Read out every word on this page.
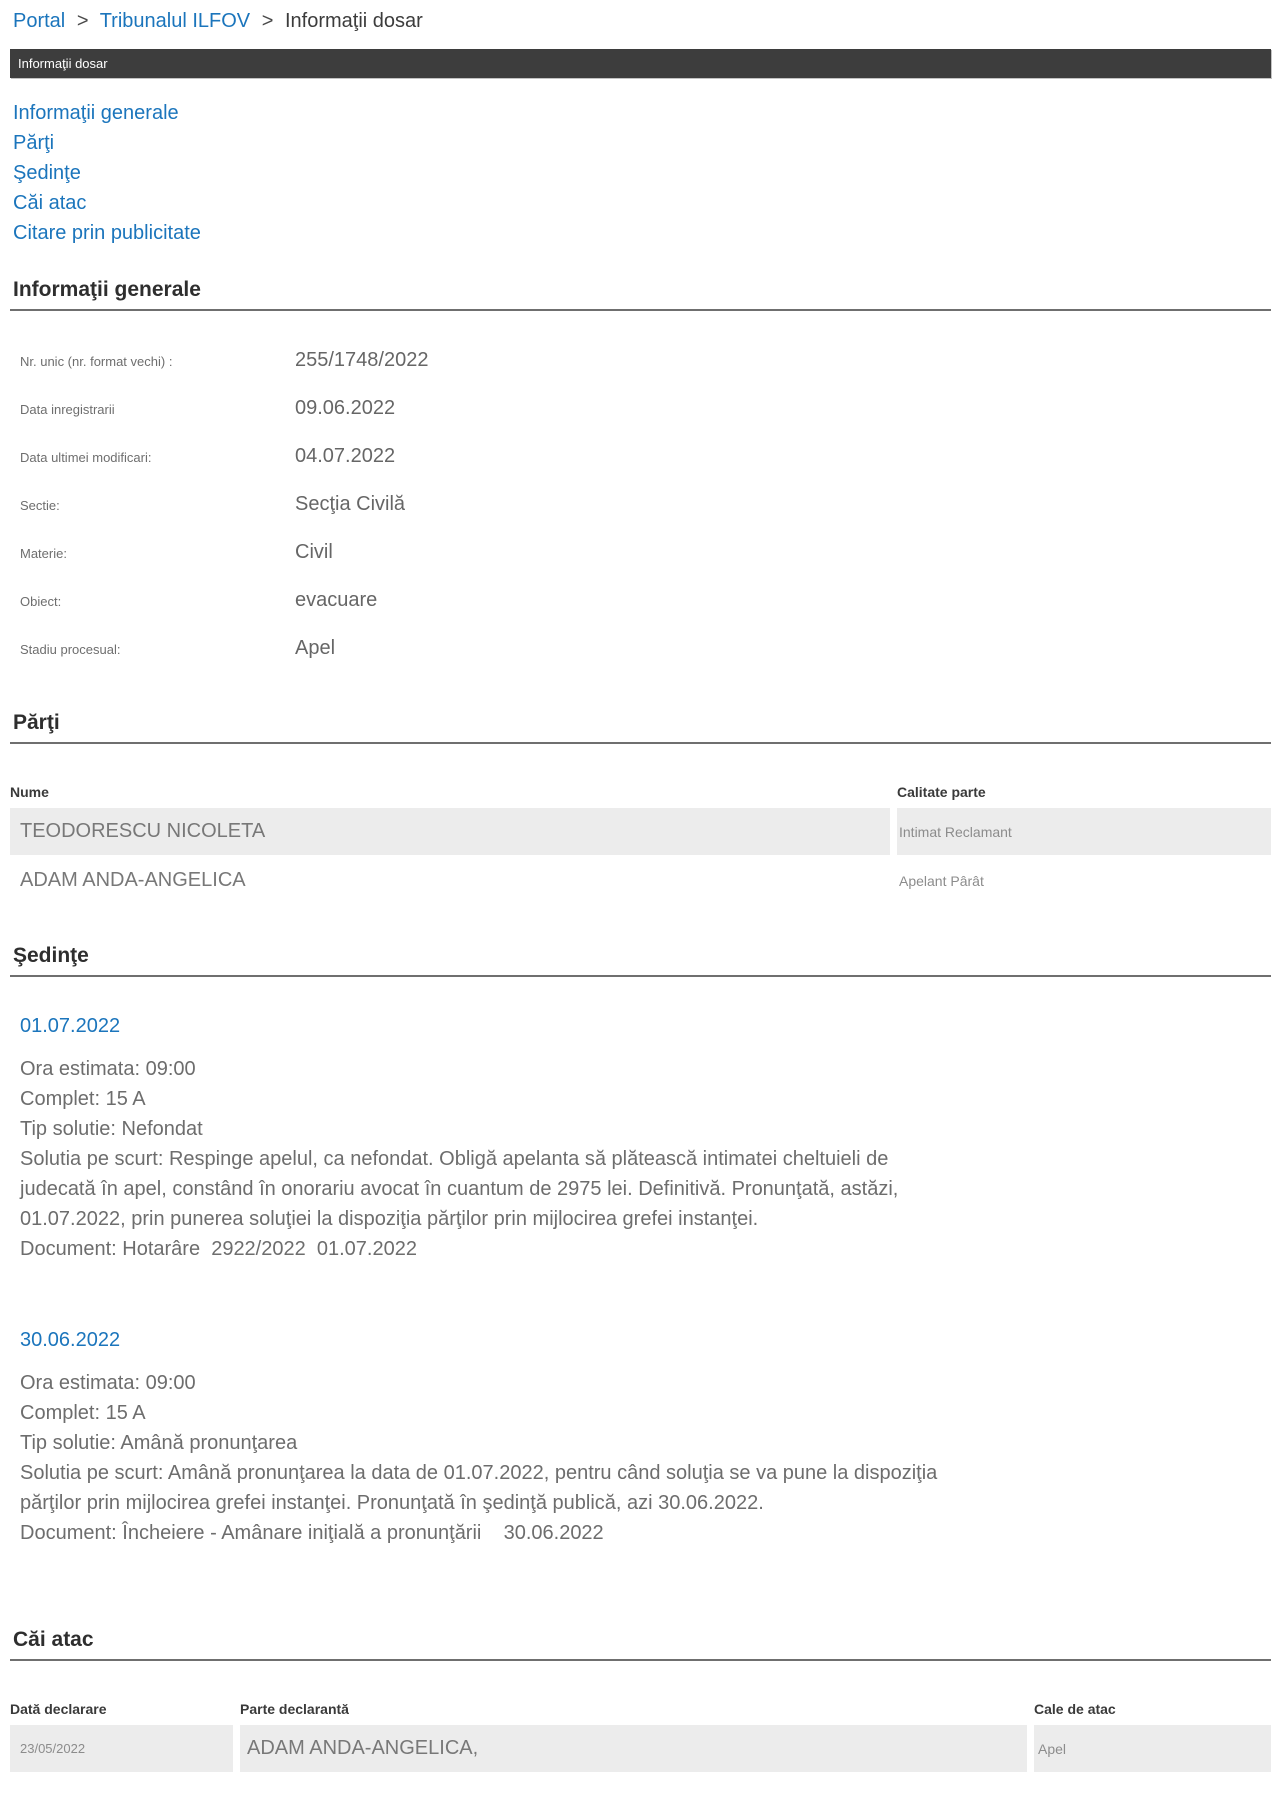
Portal > Tribunalul ILFOV > Informaţii dosar
Informaţii dosar
Informaţii generale
Părţi
Şedinţe
Căi atac
Citare prin publicitate
Informaţii generale
Nr. unic (nr. format vechi) :	255/1748/2022
Data inregistrarii	09.06.2022
Data ultimei modificari:	04.07.2022
Sectie:	Secţia Civilă
Materie:	Civil
Obiect:	evacuare
Stadiu procesual:	Apel
Părţi
Nume	Calitate parte
TEODORESCU NICOLETA	Intimat Reclamant
ADAM ANDA-ANGELICA	Apelant Pârât
Şedinţe
01.07.2022
Ora estimata: 09:00
Complet: 15 A
Tip solutie: Nefondat
Solutia pe scurt: Respinge apelul, ca nefondat. Obligă apelanta să plătească intimatei cheltuieli de judecată în apel, constând în onorariu avocat în cuantum de 2975 lei. Definitivă. Pronunţată, astăzi, 01.07.2022, prin punerea soluţiei la dispoziţia părţilor prin mijlocirea grefei instanţei.
Document: Hotarâre  2922/2022  01.07.2022
30.06.2022
Ora estimata: 09:00
Complet: 15 A
Tip solutie: Amână pronunţarea
Solutia pe scurt: Amână pronunţarea la data de 01.07.2022, pentru când soluţia se va pune la dispoziţia părţilor prin mijlocirea grefei instanţei. Pronunţată în şedinţă publică, azi 30.06.2022.
Document: Încheiere - Amânare iniţială a pronunţării    30.06.2022
Căi atac
Dată declarare	Parte declarantă	Cale de atac
23/05/2022	ADAM ANDA-ANGELICA,	Apel
